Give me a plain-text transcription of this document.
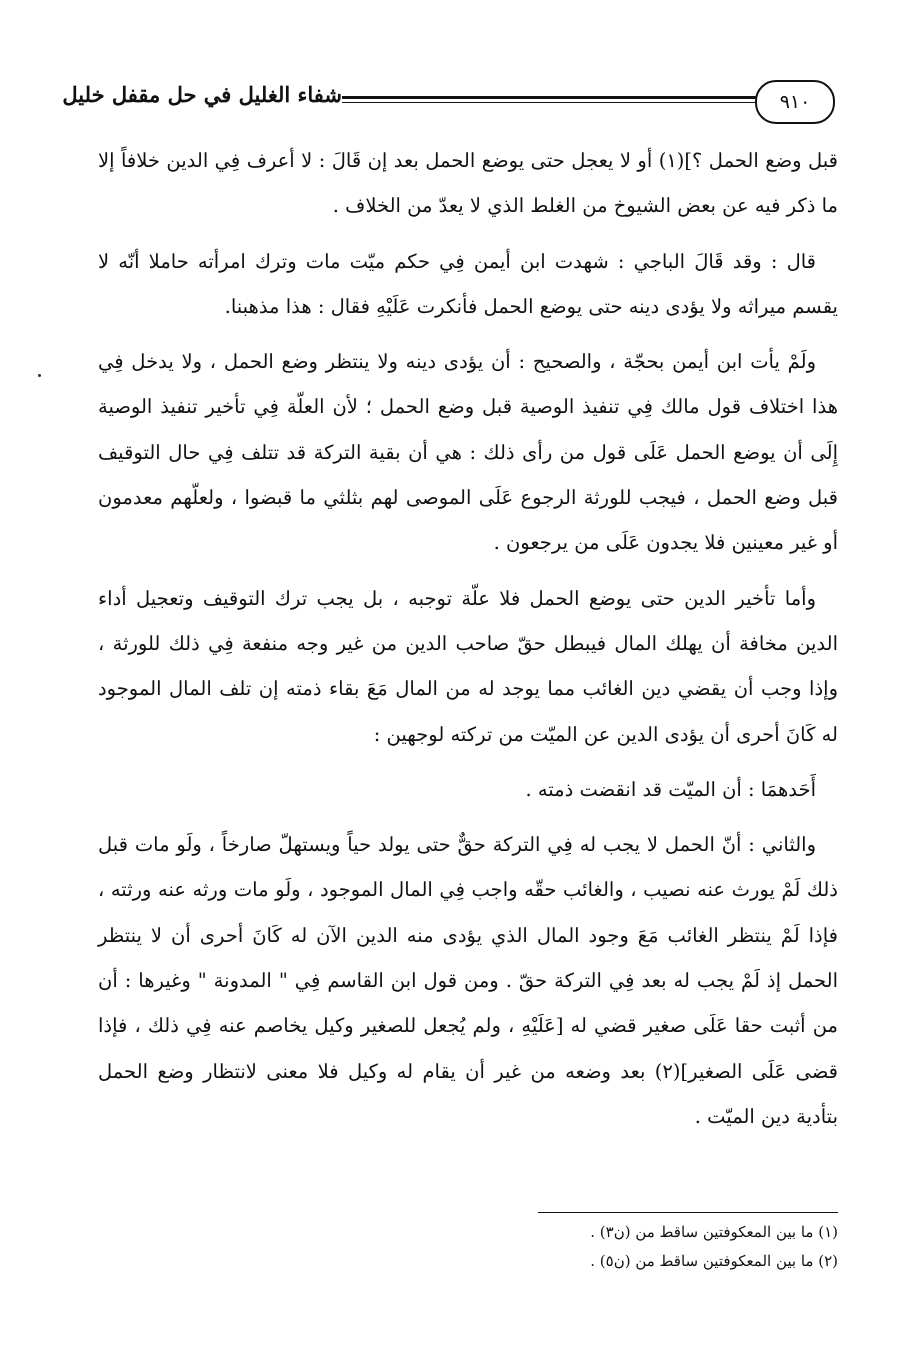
٩١٠
شفاء الغليل في حل مقفل خليل

قبل وضع الحمل ؟](١) أو لا يعجل حتى يوضع الحمل بعد إن قَالَ : لا أعرف فِي الدين خلافاً إلا ما ذكر فيه عن بعض الشيوخ من الغلط الذي لا يعدّ من الخلاف .

قال : وقد قَالَ الباجي : شهدت ابن أيمن فِي حكم ميّت مات وترك امرأته حاملا أنّه لا يقسم ميراثه ولا يؤدى دينه حتى يوضع الحمل فأنكرت عَلَيْهِ فقال : هذا مذهبنا.

ولَمْ يأت ابن أيمن بحجّة ، والصحيح : أن يؤدى دينه ولا ينتظر وضع الحمل ، ولا يدخل فِي هذا اختلاف قول مالك فِي تنفيذ الوصية قبل وضع الحمل ؛ لأن العلّة فِي تأخير تنفيذ الوصية إِلَى أن يوضع الحمل عَلَى قول من رأى ذلك : هي أن بقية التركة قد تتلف فِي حال التوقيف قبل وضع الحمل ، فيجب للورثة الرجوع عَلَى الموصى لهم بثلثي ما قبضوا ، ولعلّهم معدمون أو غير معينين فلا يجدون عَلَى من يرجعون .

وأما تأخير الدين حتى يوضع الحمل فلا علّة توجبه ، بل يجب ترك التوقيف وتعجيل أداء الدين مخافة أن يهلك المال فيبطل حقّ صاحب الدين من غير وجه منفعة فِي ذلك للورثة ، وإذا وجب أن يقضي دين الغائب مما يوجد له من المال مَعَ بقاء ذمته إن تلف المال الموجود له كَانَ أحرى أن يؤدى الدين عن الميّت من تركته لوجهين :

أَحَدهمَا : أن الميّت قد انقضت ذمته .

والثاني : أنّ الحمل لا يجب له فِي التركة حقٌّ حتى يولد حياً ويستهلّ صارخاً ، ولَو مات قبل ذلك لَمْ يورث عنه نصيب ، والغائب حقّه واجب فِي المال الموجود ، ولَو مات ورثه عنه ورثته ، فإذا لَمْ ينتظر الغائب مَعَ وجود المال الذي يؤدى منه الدين الآن له كَانَ أحرى أن لا ينتظر الحمل إذ لَمْ يجب له بعد فِي التركة حقّ . ومن قول ابن القاسم فِي " المدونة " وغيرها : أن من أثبت حقا عَلَى صغير قضي له [عَلَيْهِ ، ولم يُجعل للصغير وكيل يخاصم عنه فِي ذلك ، فإذا قضى عَلَى الصغير](٢) بعد وضعه من غير أن يقام له وكيل فلا معنى لانتظار وضع الحمل بتأدية دين الميّت .

(١) ما بين المعكوفتين ساقط من (ن٣) .
(٢) ما بين المعكوفتين ساقط من (ن٥) .
